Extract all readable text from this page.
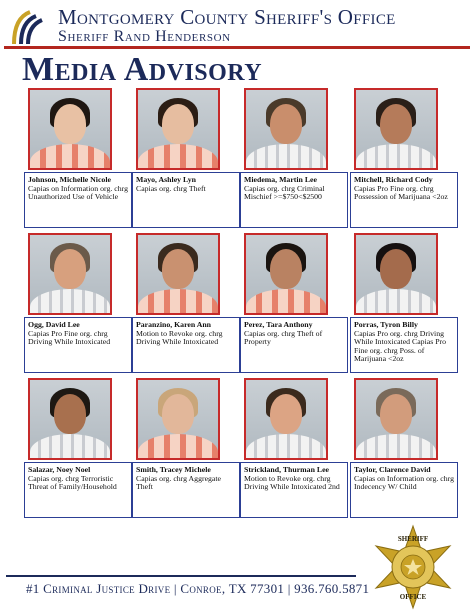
Montgomery County Sheriff's Office
Sheriff Rand Henderson
Media Advisory
Johnson, Michelle Nicole
Capias on Information org. chrg Unauthorized Use of Vehicle
Mayo, Ashley Lyn
Capias org. chrg Theft
Miedema, Martin Lee
Capias org. chrg Criminal Mischief >=$750<$2500
Mitchell, Richard Cody
Capias Pro Fine org. chrg Possession of Marijuana <2oz
Ogg, David Lee
Capias Pro Fine org. chrg Driving While Intoxicated
Paranzino, Karen Ann
Motion to Revoke org. chrg Driving While Intoxicated
Perez, Tara Anthony
Capias org. chrg Theft of Property
Porras, Tyron Billy
Capias Pro org. chrg Driving While Intoxicated Capias Pro Fine org. chrg Poss. of Marijuana <2oz
Salazar, Noey Noel
Capias org. chrg Terroristic Threat of Family/Household
Smith, Tracey Michele
Capias org. chrg Aggregate Theft
Strickland, Thurman Lee
Motion to Revoke org. chrg Driving While Intoxicated 2nd
Taylor, Clarence David
Capias on Information org. chrg Indecency W/ Child
#1 Criminal Justice Drive | Conroe, TX 77301 | 936.760.5871
SHERIFF
OFFICE
